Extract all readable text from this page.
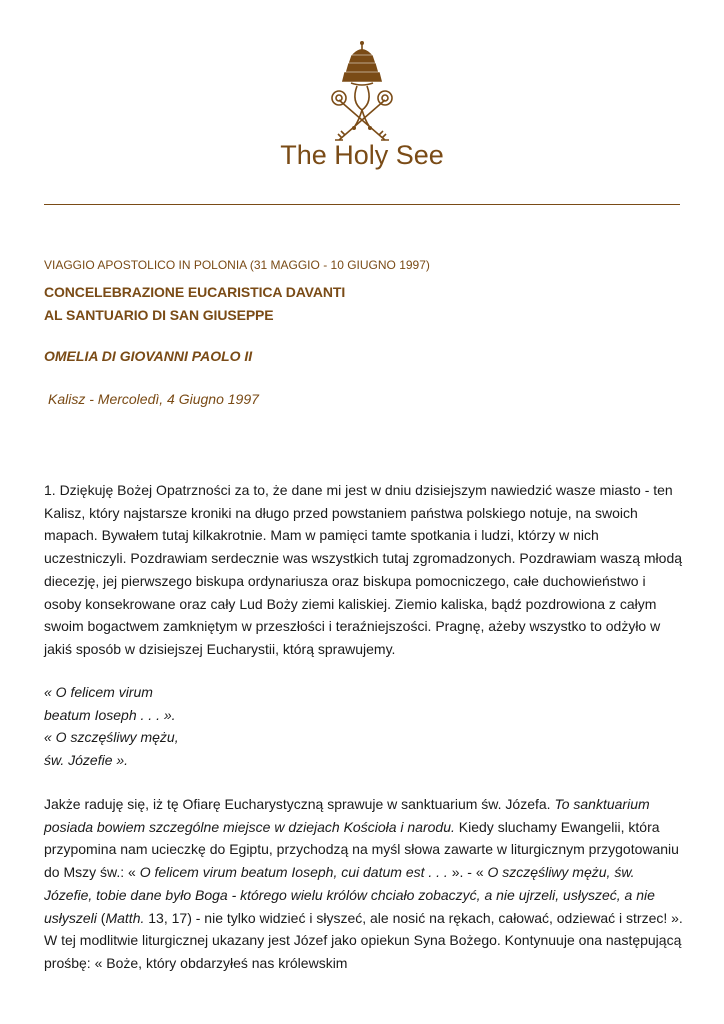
The Holy See
VIAGGIO APOSTOLICO IN POLONIA (31 MAGGIO - 10 GIUGNO 1997)
CONCELEBRAZIONE EUCARISTICA DAVANTI
AL SANTUARIO DI SAN GIUSEPPE
OMELIA DI GIOVANNI PAOLO II
Kalisz - Mercoledì, 4 Giugno 1997

1. Dziękuję Bożej Opatrzności za to, że dane mi jest w dniu dzisiejszym nawiedzić wasze miasto - ten Kalisz, który najstarsze kroniki na długo przed powstaniem państwa polskiego notuje, na swoich mapach. Bywałem tutaj kilkakrotnie. Mam w pamięci tamte spotkania i ludzi, którzy w nich uczestniczyli. Pozdrawiam serdecznie was wszystkich tutaj zgromadzonych. Pozdrawiam waszą młodą diecezję, jej pierwszego biskupa ordynariusza oraz biskupa pomocniczego, całe duchowieństwo i osoby konsekrowane oraz cały Lud Boży ziemi kaliskiej. Ziemio kaliska, bądź pozdrowiona z całym swoim bogactwem zamkniętym w przeszłości i teraźniejszości. Pragnę, ażeby wszystko to odżyło w jakiś sposób w dzisiejszej Eucharystii, którą sprawujemy.

« O felicem virum
beatum Ioseph . . . ».
« O szczęśliwy mężu,
św. Józefie ».

Jakże raduję się, iż tę Ofiarę Eucharystyczną sprawuje w sanktuarium św. Józefa. To sanktuarium posiada bowiem szczególne miejsce w dziejach Kościoła i narodu. Kiedy sluchamy Ewangelii, która przypomina nam ucieczkę do Egiptu, przychodzą na myśl słowa zawarte w liturgicznym przygotowaniu do Mszy św.: « O felicem virum beatum Ioseph, cui datum est . . . ». - « O szczęśliwy mężu, św. Józefie, tobie dane było Boga - którego wielu królów chciało zobaczyć, a nie ujrzeli, usłyszeć, a nie usłyszeli (Matth. 13, 17) - nie tylko widzieć i słyszeć, ale nosić na rękach, całować, odziewać i strzec! ». W tej modlitwie liturgicznej ukazany jest Józef jako opiekun Syna Bożego. Kontynuuje ona następującą prośbę: « Boże, który obdarzyłeś nas królewskim
